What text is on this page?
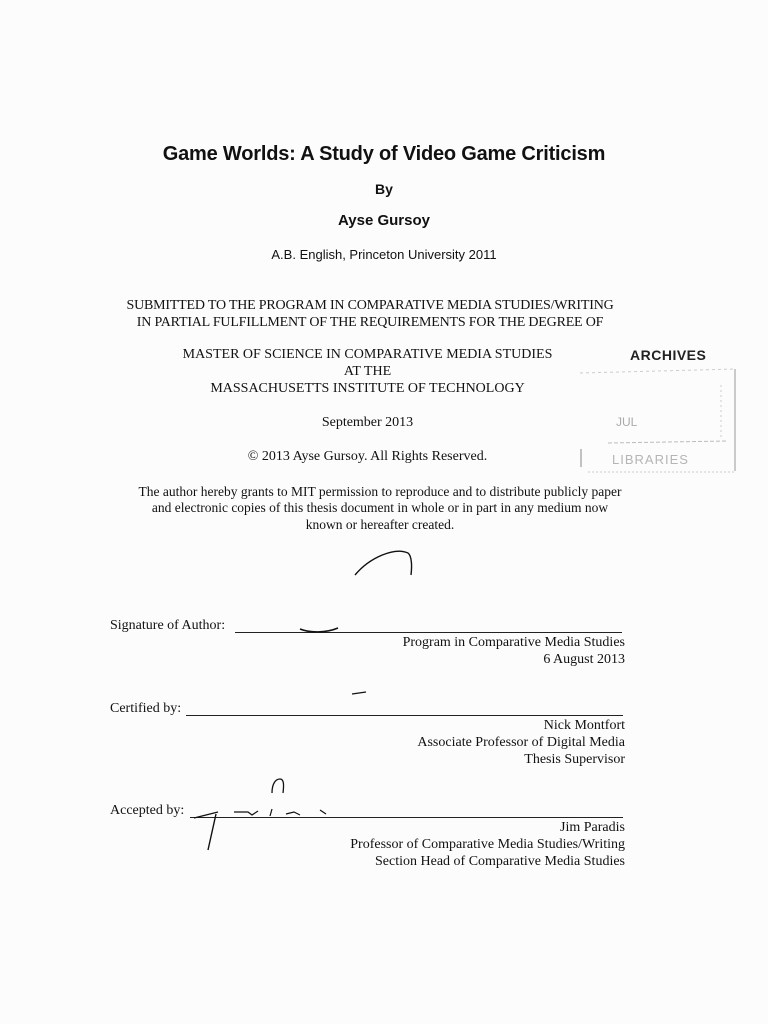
Game Worlds: A Study of Video Game Criticism
By
Ayse Gursoy
A.B. English, Princeton University 2011
SUBMITTED TO THE PROGRAM IN COMPARATIVE MEDIA STUDIES/WRITING
IN PARTIAL FULFILLMENT OF THE REQUIREMENTS FOR THE DEGREE OF
MASTER OF SCIENCE IN COMPARATIVE MEDIA STUDIES
AT THE
MASSACHUSETTS INSTITUTE OF TECHNOLOGY
September 2013
© 2013 Ayse Gursoy. All Rights Reserved.
ARCHIVES
JUL
LIBRARIES
The author hereby grants to MIT permission to reproduce and to distribute publicly paper
and electronic copies of this thesis document in whole or in part in any medium now
known or hereafter created.
Signature of Author:
Program in Comparative Media Studies
6 August 2013
Certified by:
Nick Montfort
Associate Professor of Digital Media
Thesis Supervisor
Accepted by:
Jim Paradis
Professor of Comparative Media Studies/Writing
Section Head of Comparative Media Studies
